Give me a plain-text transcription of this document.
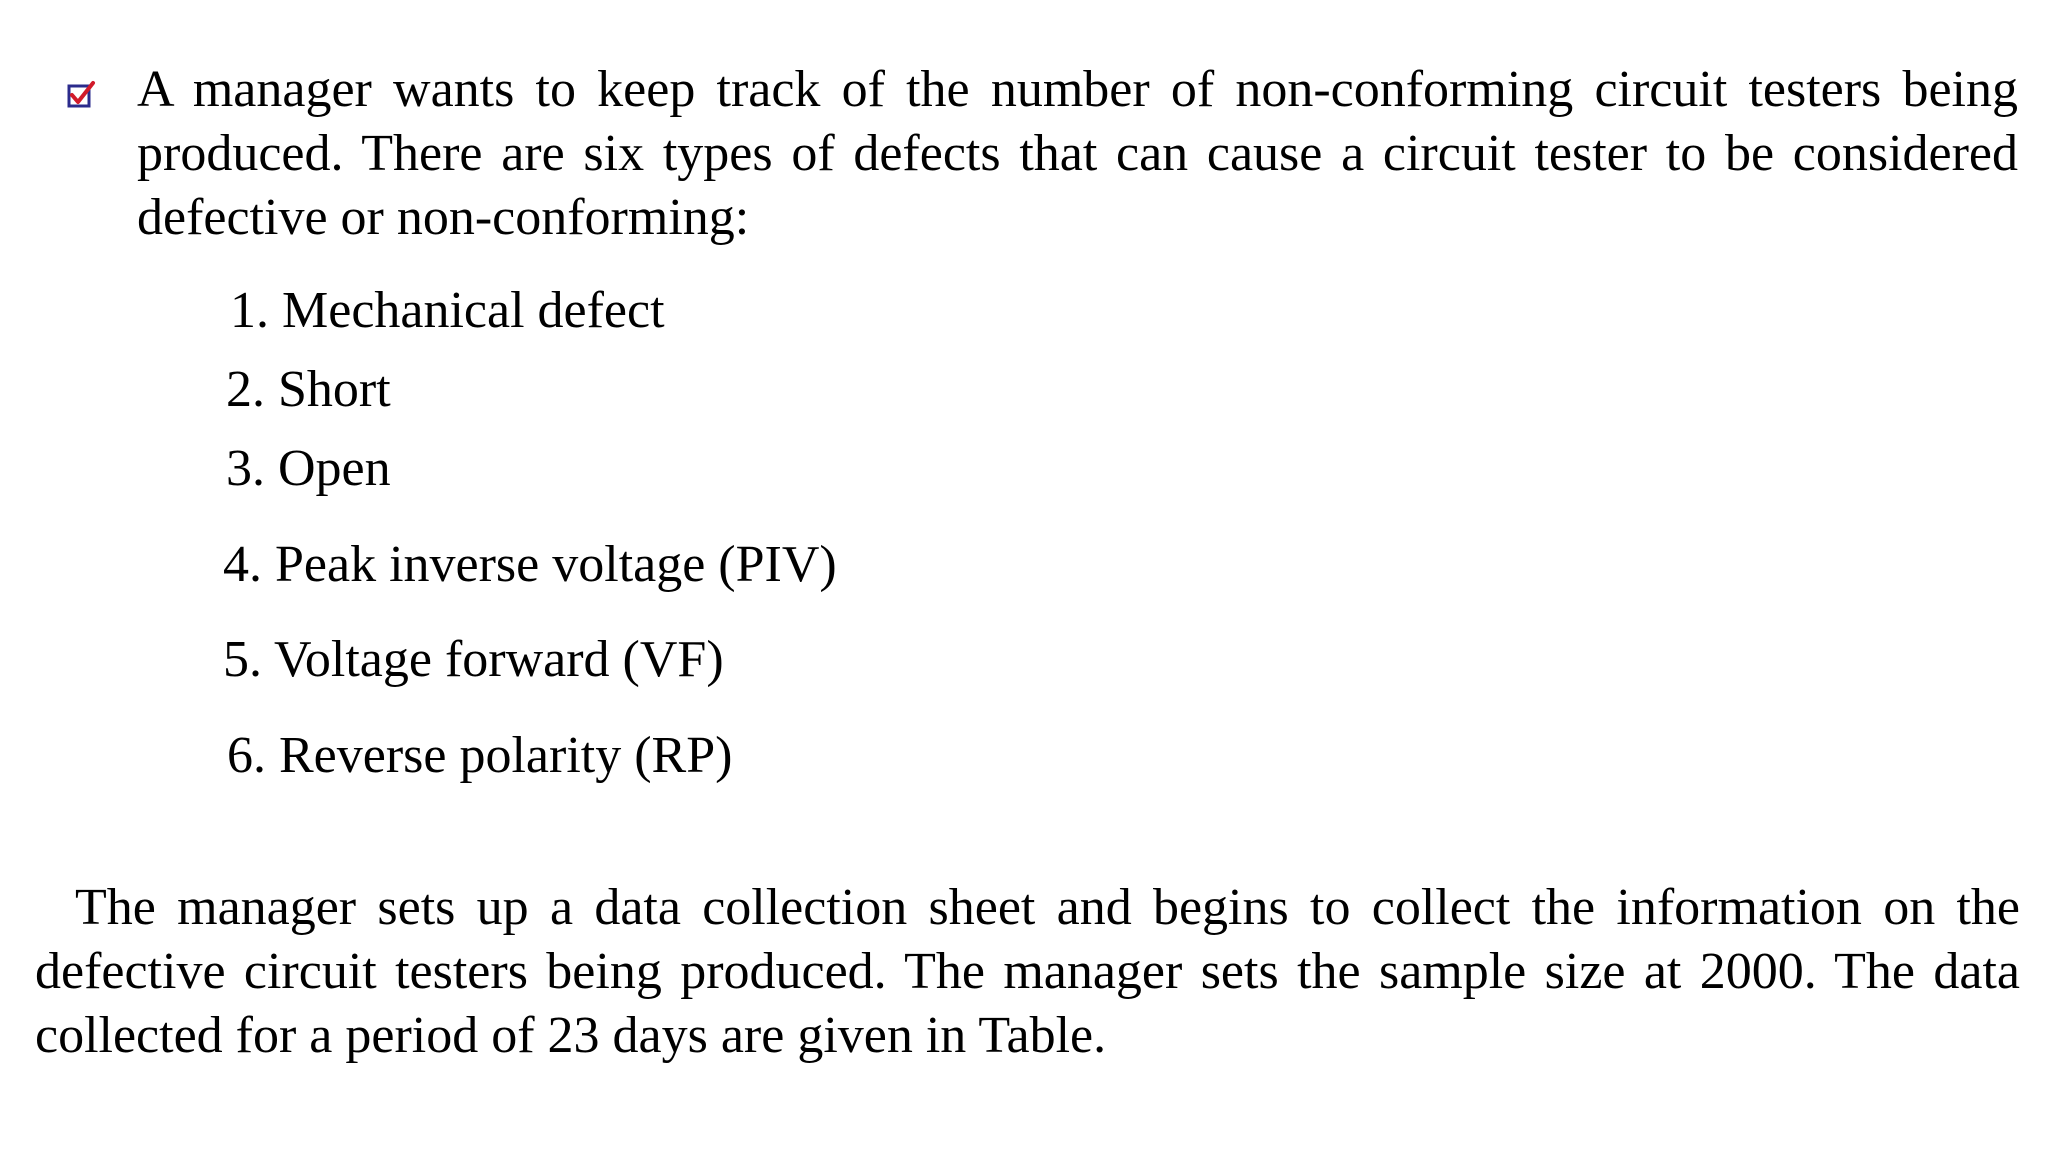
A manager wants to keep track of the number of non-conforming circuit testers being produced. There are six types of defects that can cause a circuit tester to be considered defective or non-conforming:

1. Mechanical defect
2. Short
3. Open
4. Peak inverse voltage (PIV)
5. Voltage forward (VF)
6. Reverse polarity (RP)

The manager sets up a data collection sheet and begins to collect the information on the defective circuit testers being produced. The manager sets the sample size at 2000. The data collected for a period of 23 days are given in Table.
